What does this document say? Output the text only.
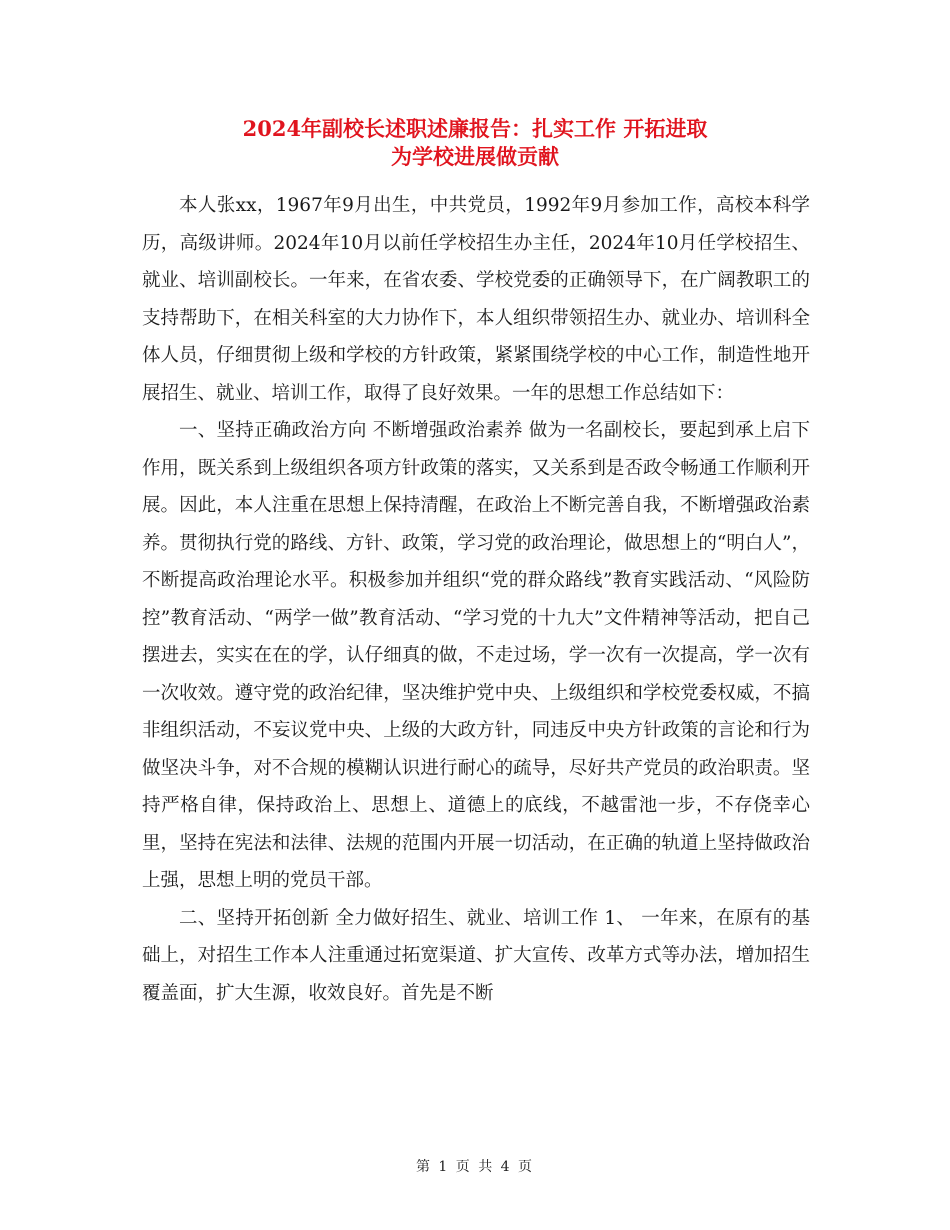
2024年副校长述职述廉报告：扎实工作 开拓进取
为学校进展做贡献

本人张xx，1967年9月出生，中共党员，1992年9月参加工作，高校本科学历，高级讲师。2024年10月以前任学校招生办主任，2024年10月任学校招生、就业、培训副校长。一年来，在省农委、学校党委的正确领导下，在广阔教职工的支持帮助下，在相关科室的大力协作下，本人组织带领招生办、就业办、培训科全体人员，仔细贯彻上级和学校的方针政策，紧紧围绕学校的中心工作，制造性地开展招生、就业、培训工作，取得了良好效果。一年的思想工作总结如下：

一、坚持正确政治方向 不断增强政治素养 做为一名副校长，要起到承上启下作用，既关系到上级组织各项方针政策的落实，又关系到是否政令畅通工作顺利开展。因此，本人注重在思想上保持清醒，在政治上不断完善自我，不断增强政治素养。贯彻执行党的路线、方针、政策，学习党的政治理论，做思想上的“明白人”，不断提高政治理论水平。积极参加并组织“党的群众路线”教育实践活动、“风险防控”教育活动、“两学一做”教育活动、“学习党的十九大”文件精神等活动，把自己摆进去，实实在在的学，认仔细真的做，不走过场，学一次有一次提高，学一次有一次收效。遵守党的政治纪律，坚决维护党中央、上级组织和学校党委权威，不搞非组织活动，不妄议党中央、上级的大政方针，同违反中央方针政策的言论和行为做坚决斗争，对不合规的模糊认识进行耐心的疏导，尽好共产党员的政治职责。坚持严格自律，保持政治上、思想上、道德上的底线，不越雷池一步，不存侥幸心里，坚持在宪法和法律、法规的范围内开展一切活动，在正确的轨道上坚持做政治上强，思想上明的党员干部。

二、坚持开拓创新 全力做好招生、就业、培训工作 1、 一年来，在原有的基础上，对招生工作本人注重通过拓宽渠道、扩大宣传、改革方式等办法，增加招生覆盖面，扩大生源，收效良好。首先是不断

第 1 页 共 4 页
